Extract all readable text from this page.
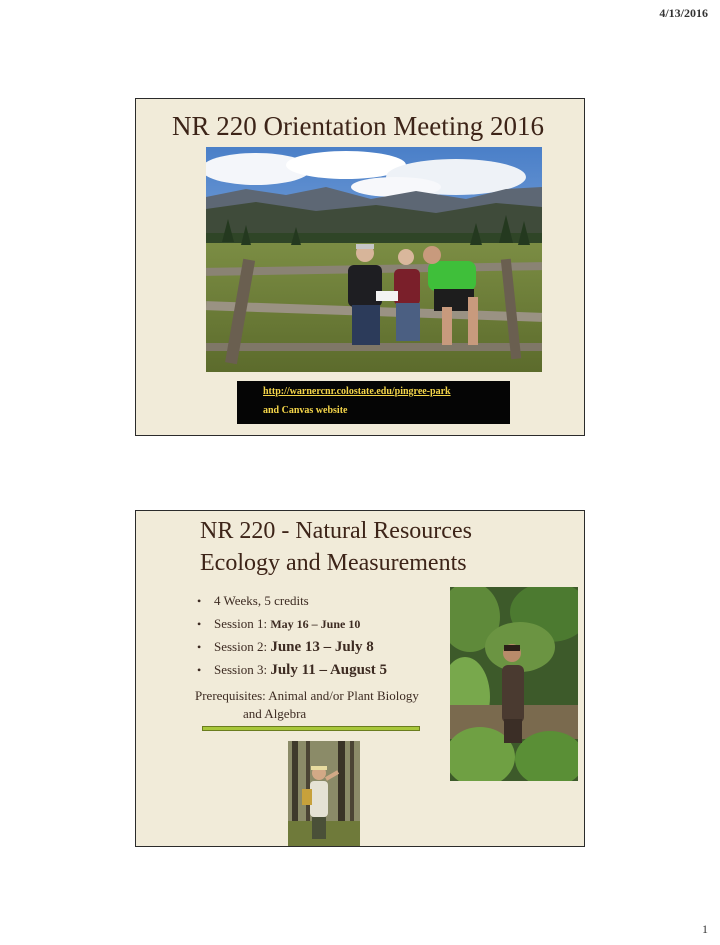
4/13/2016
NR 220 Orientation Meeting 2016
http://warnercnr.colostate.edu/pingree-park
and Canvas website
NR 220 - Natural Resources
Ecology and Measurements
• 4 Weeks, 5 credits
• Session 1: May 16 – June 10
• Session 2: June 13 – July 8
• Session 3: July 11 – August 5
Prerequisites: Animal and/or Plant Biology
and Algebra
1
